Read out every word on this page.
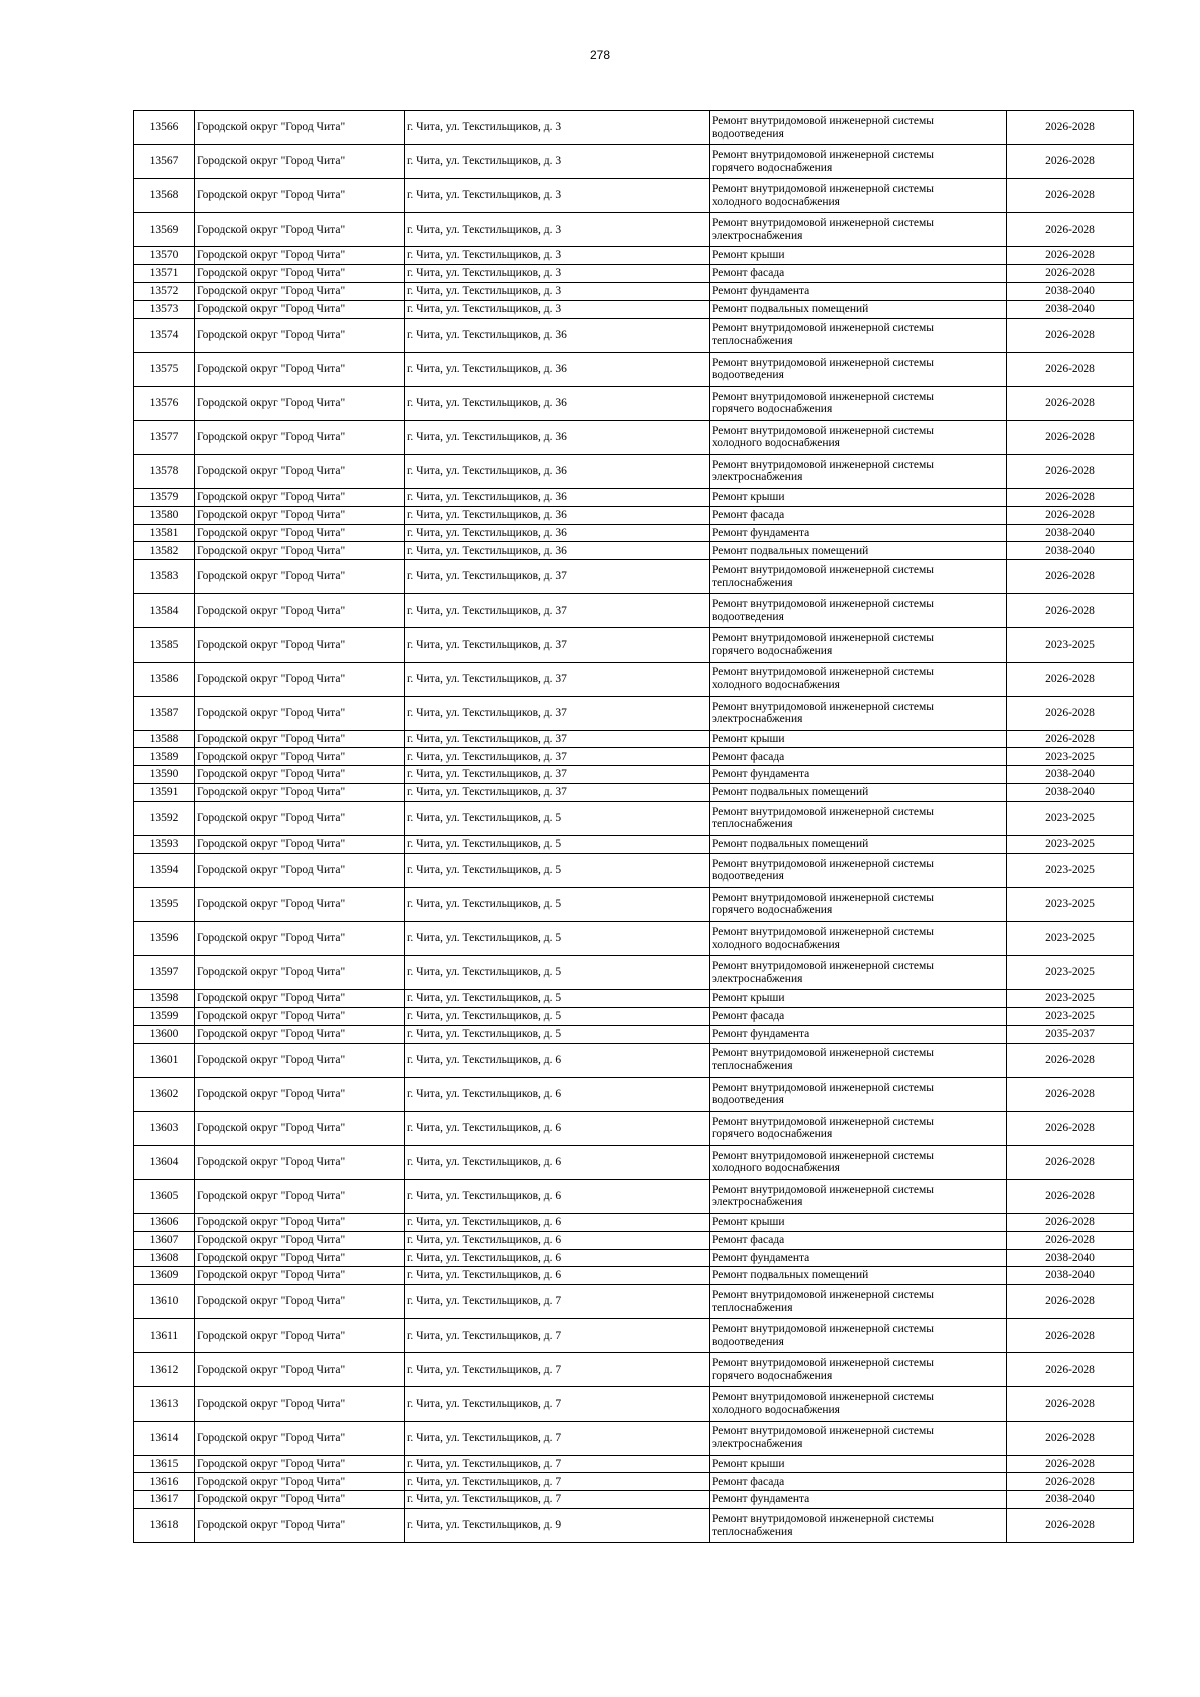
278
13566	Городской округ "Город Чита"	г. Чита, ул. Текстильщиков, д. 3	Ремонт внутридомовой инженерной системы
водоотведения	2026-2028
13567	Городской округ "Город Чита"	г. Чита, ул. Текстильщиков, д. 3	Ремонт внутридомовой инженерной системы
горячего водоснабжения	2026-2028
13568	Городской округ "Город Чита"	г. Чита, ул. Текстильщиков, д. 3	Ремонт внутридомовой инженерной системы
холодного водоснабжения	2026-2028
13569	Городской округ "Город Чита"	г. Чита, ул. Текстильщиков, д. 3	Ремонт внутридомовой инженерной системы
электроснабжения	2026-2028
13570	Городской округ "Город Чита"	г. Чита, ул. Текстильщиков, д. 3	Ремонт крыши	2026-2028
13571	Городской округ "Город Чита"	г. Чита, ул. Текстильщиков, д. 3	Ремонт фасада	2026-2028
13572	Городской округ "Город Чита"	г. Чита, ул. Текстильщиков, д. 3	Ремонт фундамента	2038-2040
13573	Городской округ "Город Чита"	г. Чита, ул. Текстильщиков, д. 3	Ремонт подвальных помещений	2038-2040
13574	Городской округ "Город Чита"	г. Чита, ул. Текстильщиков, д. 36	Ремонт внутридомовой инженерной системы
теплоснабжения	2026-2028
13575	Городской округ "Город Чита"	г. Чита, ул. Текстильщиков, д. 36	Ремонт внутридомовой инженерной системы
водоотведения	2026-2028
13576	Городской округ "Город Чита"	г. Чита, ул. Текстильщиков, д. 36	Ремонт внутридомовой инженерной системы
горячего водоснабжения	2026-2028
13577	Городской округ "Город Чита"	г. Чита, ул. Текстильщиков, д. 36	Ремонт внутридомовой инженерной системы
холодного водоснабжения	2026-2028
13578	Городской округ "Город Чита"	г. Чита, ул. Текстильщиков, д. 36	Ремонт внутридомовой инженерной системы
электроснабжения	2026-2028
13579	Городской округ "Город Чита"	г. Чита, ул. Текстильщиков, д. 36	Ремонт крыши	2026-2028
13580	Городской округ "Город Чита"	г. Чита, ул. Текстильщиков, д. 36	Ремонт фасада	2026-2028
13581	Городской округ "Город Чита"	г. Чита, ул. Текстильщиков, д. 36	Ремонт фундамента	2038-2040
13582	Городской округ "Город Чита"	г. Чита, ул. Текстильщиков, д. 36	Ремонт подвальных помещений	2038-2040
13583	Городской округ "Город Чита"	г. Чита, ул. Текстильщиков, д. 37	Ремонт внутридомовой инженерной системы
теплоснабжения	2026-2028
13584	Городской округ "Город Чита"	г. Чита, ул. Текстильщиков, д. 37	Ремонт внутридомовой инженерной системы
водоотведения	2026-2028
13585	Городской округ "Город Чита"	г. Чита, ул. Текстильщиков, д. 37	Ремонт внутридомовой инженерной системы
горячего водоснабжения	2023-2025
13586	Городской округ "Город Чита"	г. Чита, ул. Текстильщиков, д. 37	Ремонт внутридомовой инженерной системы
холодного водоснабжения	2026-2028
13587	Городской округ "Город Чита"	г. Чита, ул. Текстильщиков, д. 37	Ремонт внутридомовой инженерной системы
электроснабжения	2026-2028
13588	Городской округ "Город Чита"	г. Чита, ул. Текстильщиков, д. 37	Ремонт крыши	2026-2028
13589	Городской округ "Город Чита"	г. Чита, ул. Текстильщиков, д. 37	Ремонт фасада	2023-2025
13590	Городской округ "Город Чита"	г. Чита, ул. Текстильщиков, д. 37	Ремонт фундамента	2038-2040
13591	Городской округ "Город Чита"	г. Чита, ул. Текстильщиков, д. 37	Ремонт подвальных помещений	2038-2040
13592	Городской округ "Город Чита"	г. Чита, ул. Текстильщиков, д. 5	Ремонт внутридомовой инженерной системы
теплоснабжения	2023-2025
13593	Городской округ "Город Чита"	г. Чита, ул. Текстильщиков, д. 5	Ремонт подвальных помещений	2023-2025
13594	Городской округ "Город Чита"	г. Чита, ул. Текстильщиков, д. 5	Ремонт внутридомовой инженерной системы
водоотведения	2023-2025
13595	Городской округ "Город Чита"	г. Чита, ул. Текстильщиков, д. 5	Ремонт внутридомовой инженерной системы
горячего водоснабжения	2023-2025
13596	Городской округ "Город Чита"	г. Чита, ул. Текстильщиков, д. 5	Ремонт внутридомовой инженерной системы
холодного водоснабжения	2023-2025
13597	Городской округ "Город Чита"	г. Чита, ул. Текстильщиков, д. 5	Ремонт внутридомовой инженерной системы
электроснабжения	2023-2025
13598	Городской округ "Город Чита"	г. Чита, ул. Текстильщиков, д. 5	Ремонт крыши	2023-2025
13599	Городской округ "Город Чита"	г. Чита, ул. Текстильщиков, д. 5	Ремонт фасада	2023-2025
13600	Городской округ "Город Чита"	г. Чита, ул. Текстильщиков, д. 5	Ремонт фундамента	2035-2037
13601	Городской округ "Город Чита"	г. Чита, ул. Текстильщиков, д. 6	Ремонт внутридомовой инженерной системы
теплоснабжения	2026-2028
13602	Городской округ "Город Чита"	г. Чита, ул. Текстильщиков, д. 6	Ремонт внутридомовой инженерной системы
водоотведения	2026-2028
13603	Городской округ "Город Чита"	г. Чита, ул. Текстильщиков, д. 6	Ремонт внутридомовой инженерной системы
горячего водоснабжения	2026-2028
13604	Городской округ "Город Чита"	г. Чита, ул. Текстильщиков, д. 6	Ремонт внутридомовой инженерной системы
холодного водоснабжения	2026-2028
13605	Городской округ "Город Чита"	г. Чита, ул. Текстильщиков, д. 6	Ремонт внутридомовой инженерной системы
электроснабжения	2026-2028
13606	Городской округ "Город Чита"	г. Чита, ул. Текстильщиков, д. 6	Ремонт крыши	2026-2028
13607	Городской округ "Город Чита"	г. Чита, ул. Текстильщиков, д. 6	Ремонт фасада	2026-2028
13608	Городской округ "Город Чита"	г. Чита, ул. Текстильщиков, д. 6	Ремонт фундамента	2038-2040
13609	Городской округ "Город Чита"	г. Чита, ул. Текстильщиков, д. 6	Ремонт подвальных помещений	2038-2040
13610	Городской округ "Город Чита"	г. Чита, ул. Текстильщиков, д. 7	Ремонт внутридомовой инженерной системы
теплоснабжения	2026-2028
13611	Городской округ "Город Чита"	г. Чита, ул. Текстильщиков, д. 7	Ремонт внутридомовой инженерной системы
водоотведения	2026-2028
13612	Городской округ "Город Чита"	г. Чита, ул. Текстильщиков, д. 7	Ремонт внутридомовой инженерной системы
горячего водоснабжения	2026-2028
13613	Городской округ "Город Чита"	г. Чита, ул. Текстильщиков, д. 7	Ремонт внутридомовой инженерной системы
холодного водоснабжения	2026-2028
13614	Городской округ "Город Чита"	г. Чита, ул. Текстильщиков, д. 7	Ремонт внутридомовой инженерной системы
электроснабжения	2026-2028
13615	Городской округ "Город Чита"	г. Чита, ул. Текстильщиков, д. 7	Ремонт крыши	2026-2028
13616	Городской округ "Город Чита"	г. Чита, ул. Текстильщиков, д. 7	Ремонт фасада	2026-2028
13617	Городской округ "Город Чита"	г. Чита, ул. Текстильщиков, д. 7	Ремонт фундамента	2038-2040
13618	Городской округ "Город Чита"	г. Чита, ул. Текстильщиков, д. 9	Ремонт внутридомовой инженерной системы
теплоснабжения	2026-2028
